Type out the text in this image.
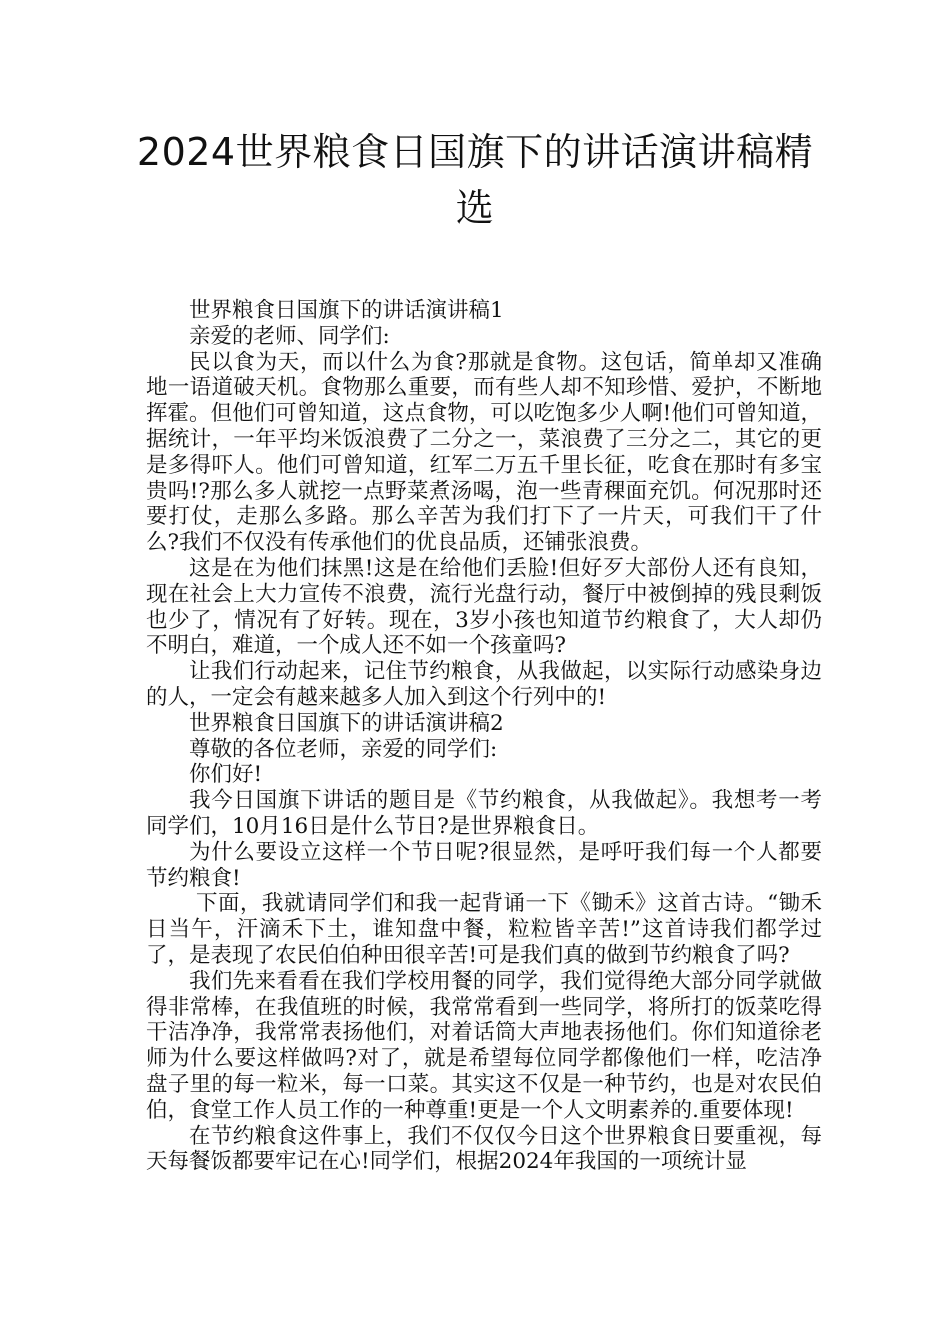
2024世界粮食日国旗下的讲话演讲稿精选

世界粮食日国旗下的讲话演讲稿1

亲爱的老师、同学们:

民以食为天，而以什么为食?那就是食物。这包话，简单却又准确地一语道破天机。食物那么重要，而有些人却不知珍惜、爱护，不断地挥霍。但他们可曾知道，这点食物，可以吃饱多少人啊!他们可曾知道，据统计，一年平均米饭浪费了二分之一，菜浪费了三分之二，其它的更是多得吓人。他们可曾知道，红军二万五千里长征，吃食在那时有多宝贵吗!?那么多人就挖一点野菜煮汤喝，泡一些青稞面充饥。何况那时还要打仗，走那么多路。那么辛苦为我们打下了一片天，可我们干了什么?我们不仅没有传承他们的优良品质，还铺张浪费。

这是在为他们抹黑!这是在给他们丢脸!但好歹大部份人还有良知，现在社会上大力宣传不浪费，流行光盘行动，餐厅中被倒掉的残艮剩饭也少了，情况有了好转。现在，3岁小孩也知道节约粮食了，大人却仍不明白，难道，一个成人还不如一个孩童吗?

让我们行动起来，记住节约粮食，从我做起，以实际行动感染身边的人，一定会有越来越多人加入到这个行列中的!

世界粮食日国旗下的讲话演讲稿2

尊敬的各位老师，亲爱的同学们:

你们好!

我今日国旗下讲话的题目是《节约粮食，从我做起》。我想考一考同学们，10月16日是什么节日?是世界粮食日。

为什么要设立这样一个节日呢?很显然，是呼吁我们每一个人都要节约粮食!

下面，我就请同学们和我一起背诵一下《锄禾》这首古诗。“锄禾日当午，汗滴禾下土，谁知盘中餐，粒粒皆辛苦!”这首诗我们都学过了，是表现了农民伯伯种田很辛苦!可是我们真的做到节约粮食了吗?

我们先来看看在我们学校用餐的同学，我们觉得绝大部分同学就做得非常棒，在我值班的时候，我常常看到一些同学，将所打的饭菜吃得干洁净净，我常常表扬他们，对着话筒大声地表扬他们。你们知道徐老师为什么要这样做吗?对了，就是希望每位同学都像他们一样，吃洁净盘子里的每一粒米，每一口菜。其实这不仅是一种节约，也是对农民伯伯，食堂工作人员工作的一种尊重!更是一个人文明素养的.重要体现!

在节约粮食这件事上，我们不仅仅今日这个世界粮食日要重视，每天每餐饭都要牢记在心!同学们，根据2024年我国的一项统计显
